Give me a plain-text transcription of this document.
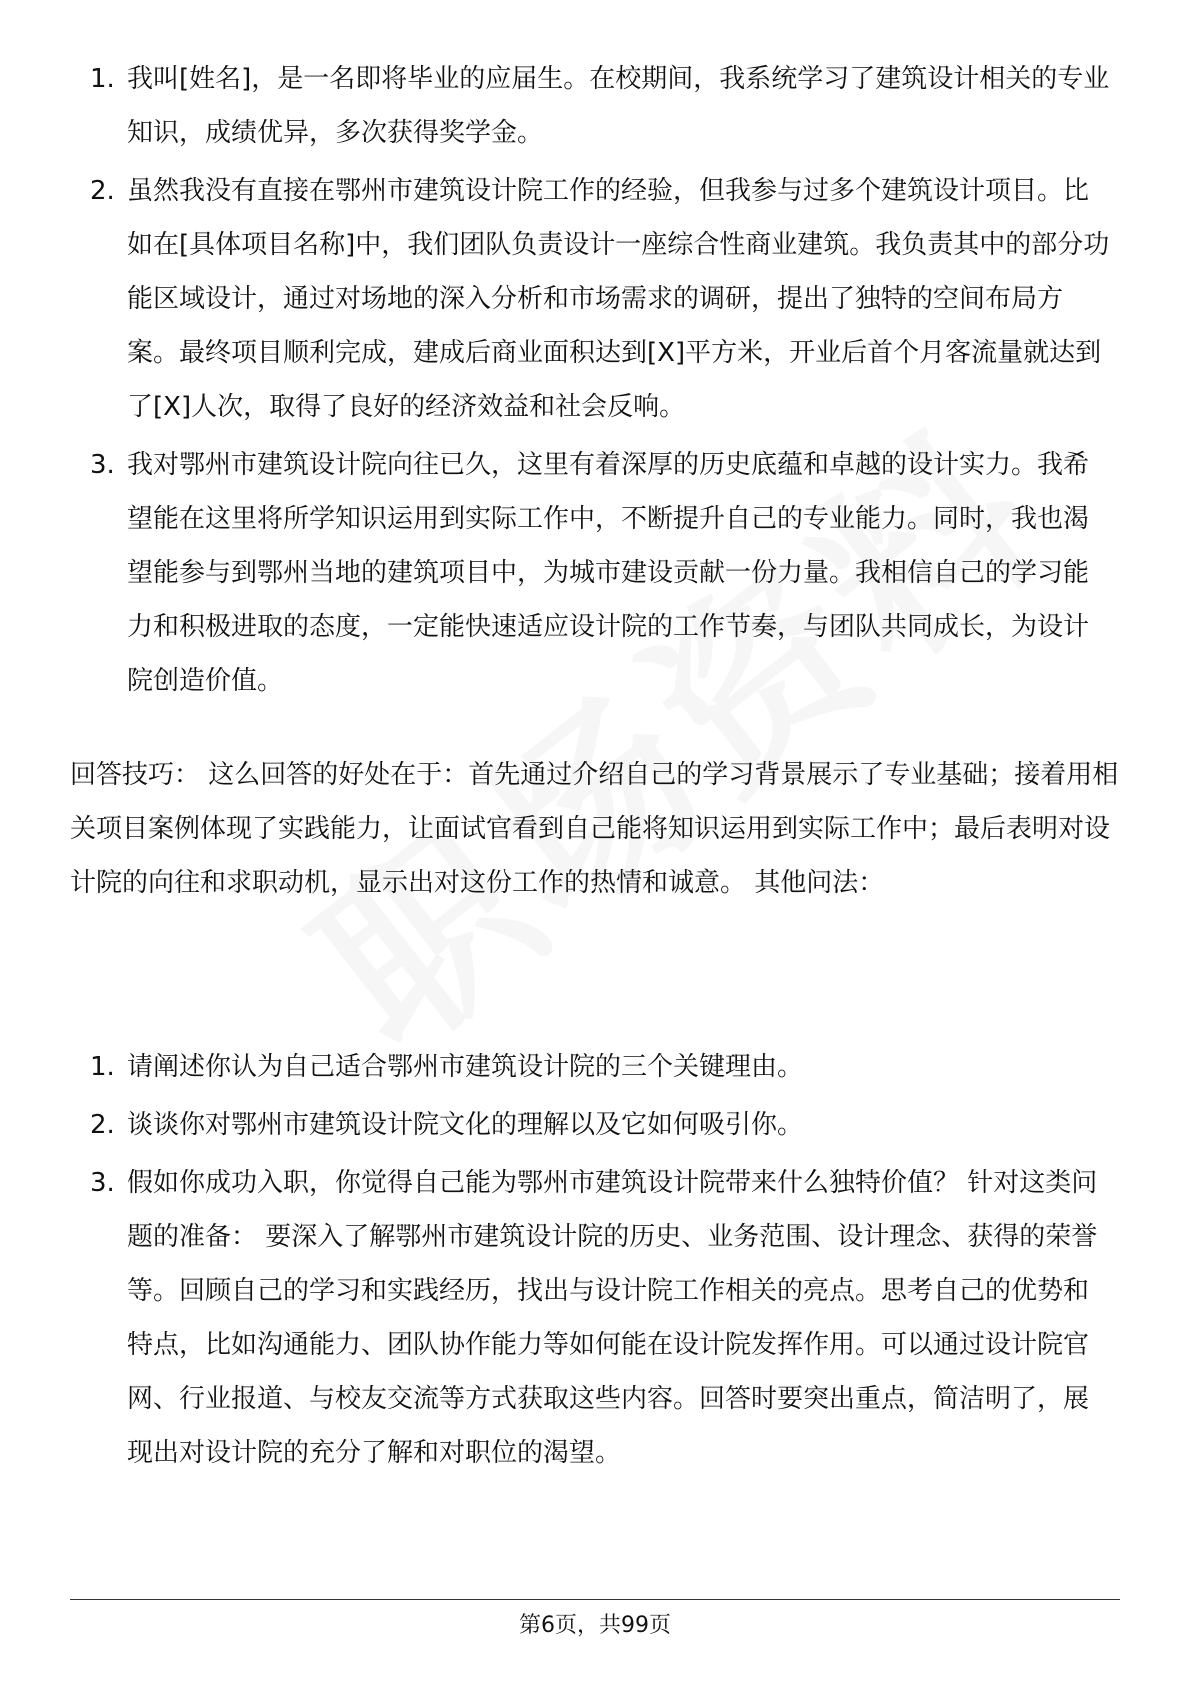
1. 我叫[姓名]，是一名即将毕业的应届生。在校期间，我系统学习了建筑设计相关的专业知识，成绩优异，多次获得奖学金。
2. 虽然我没有直接在鄂州市建筑设计院工作的经验，但我参与过多个建筑设计项目。比如在[具体项目名称]中，我们团队负责设计一座综合性商业建筑。我负责其中的部分功能区域设计，通过对场地的深入分析和市场需求的调研，提出了独特的空间布局方案。最终项目顺利完成，建成后商业面积达到[X]平方米，开业后首个月客流量就达到了[X]人次，取得了良好的经济效益和社会反响。
3. 我对鄂州市建筑设计院向往已久，这里有着深厚的历史底蕴和卓越的设计实力。我希望能在这里将所学知识运用到实际工作中，不断提升自己的专业能力。同时，我也渴望能参与到鄂州当地的建筑项目中，为城市建设贡献一份力量。我相信自己的学习能力和积极进取的态度，一定能快速适应设计院的工作节奏，与团队共同成长，为设计院创造价值。

回答技巧： 这么回答的好处在于：首先通过介绍自己的学习背景展示了专业基础；接着用相关项目案例体现了实践能力，让面试官看到自己能将知识运用到实际工作中；最后表明对设计院的向往和求职动机，显示出对这份工作的热情和诚意。 其他问法：

1. 请阐述你认为自己适合鄂州市建筑设计院的三个关键理由。
2. 谈谈你对鄂州市建筑设计院文化的理解以及它如何吸引你。
3. 假如你成功入职，你觉得自己能为鄂州市建筑设计院带来什么独特价值？ 针对这类问题的准备： 要深入了解鄂州市建筑设计院的历史、业务范围、设计理念、获得的荣誉等。回顾自己的学习和实践经历，找出与设计院工作相关的亮点。思考自己的优势和特点，比如沟通能力、团队协作能力等如何能在设计院发挥作用。可以通过设计院官网、行业报道、与校友交流等方式获取这些内容。回答时要突出重点，简洁明了，展现出对设计院的充分了解和对职位的渴望。
第6页，共99页
